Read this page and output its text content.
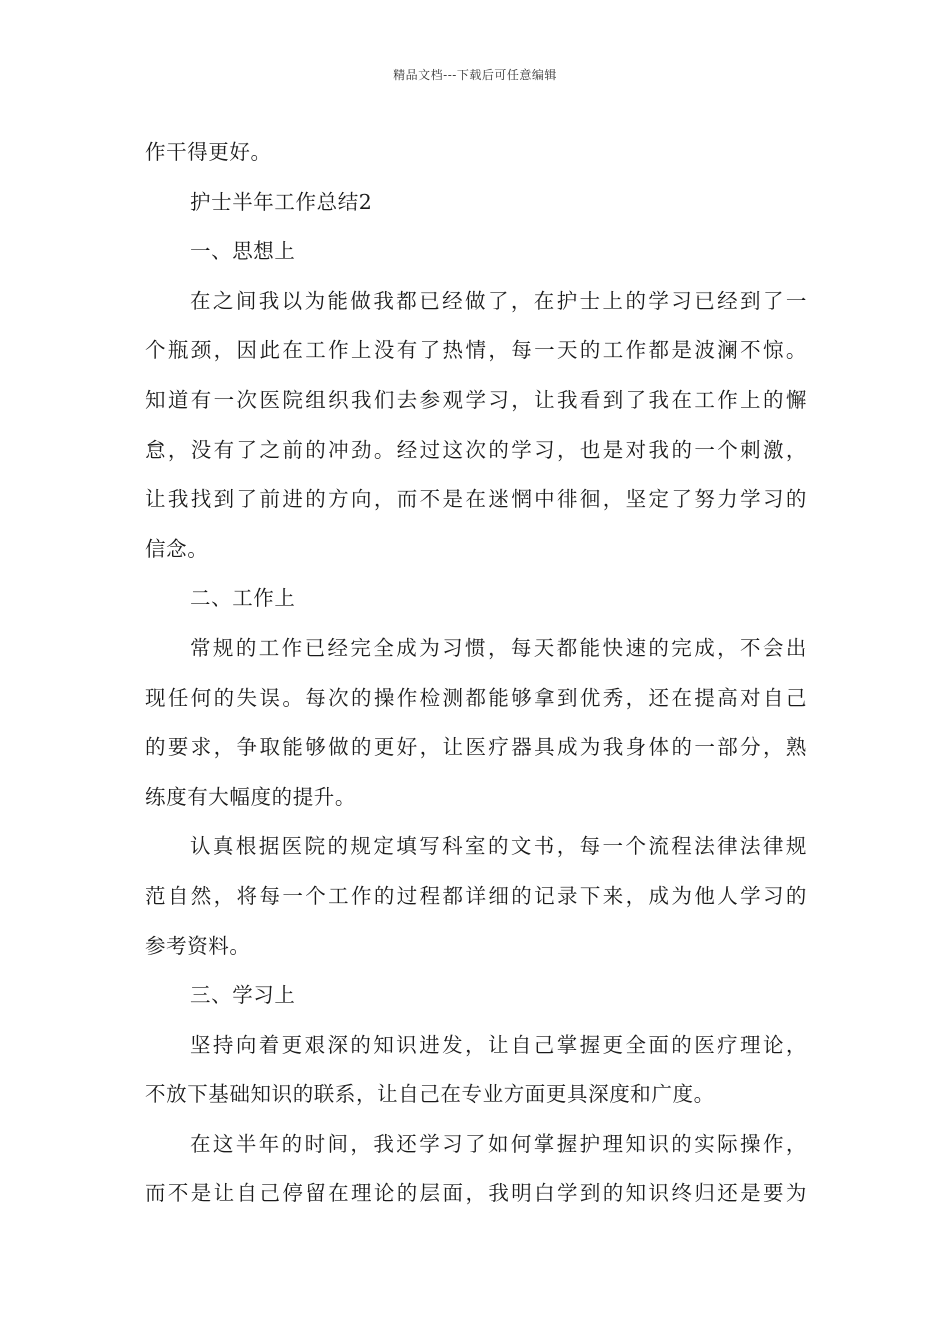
精品文档---下载后可任意编辑
作干得更好。
护士半年工作总结2
一、思想上
在之间我以为能做我都已经做了，在护士上的学习已经到了一
个瓶颈，因此在工作上没有了热情，每一天的工作都是波澜不惊。
知道有一次医院组织我们去参观学习，让我看到了我在工作上的懈
怠，没有了之前的冲劲。经过这次的学习，也是对我的一个刺激，
让我找到了前进的方向，而不是在迷惘中徘徊，坚定了努力学习的
信念。
二、工作上
常规的工作已经完全成为习惯，每天都能快速的完成，不会出
现任何的失误。每次的操作检测都能够拿到优秀，还在提高对自己
的要求，争取能够做的更好，让医疗器具成为我身体的一部分，熟
练度有大幅度的提升。
认真根据医院的规定填写科室的文书，每一个流程法律法律规
范自然，将每一个工作的过程都详细的记录下来，成为他人学习的
参考资料。
三、学习上
坚持向着更艰深的知识进发，让自己掌握更全面的医疗理论，
不放下基础知识的联系，让自己在专业方面更具深度和广度。
在这半年的时间，我还学习了如何掌握护理知识的实际操作，
而不是让自己停留在理论的层面，我明白学到的知识终归还是要为
